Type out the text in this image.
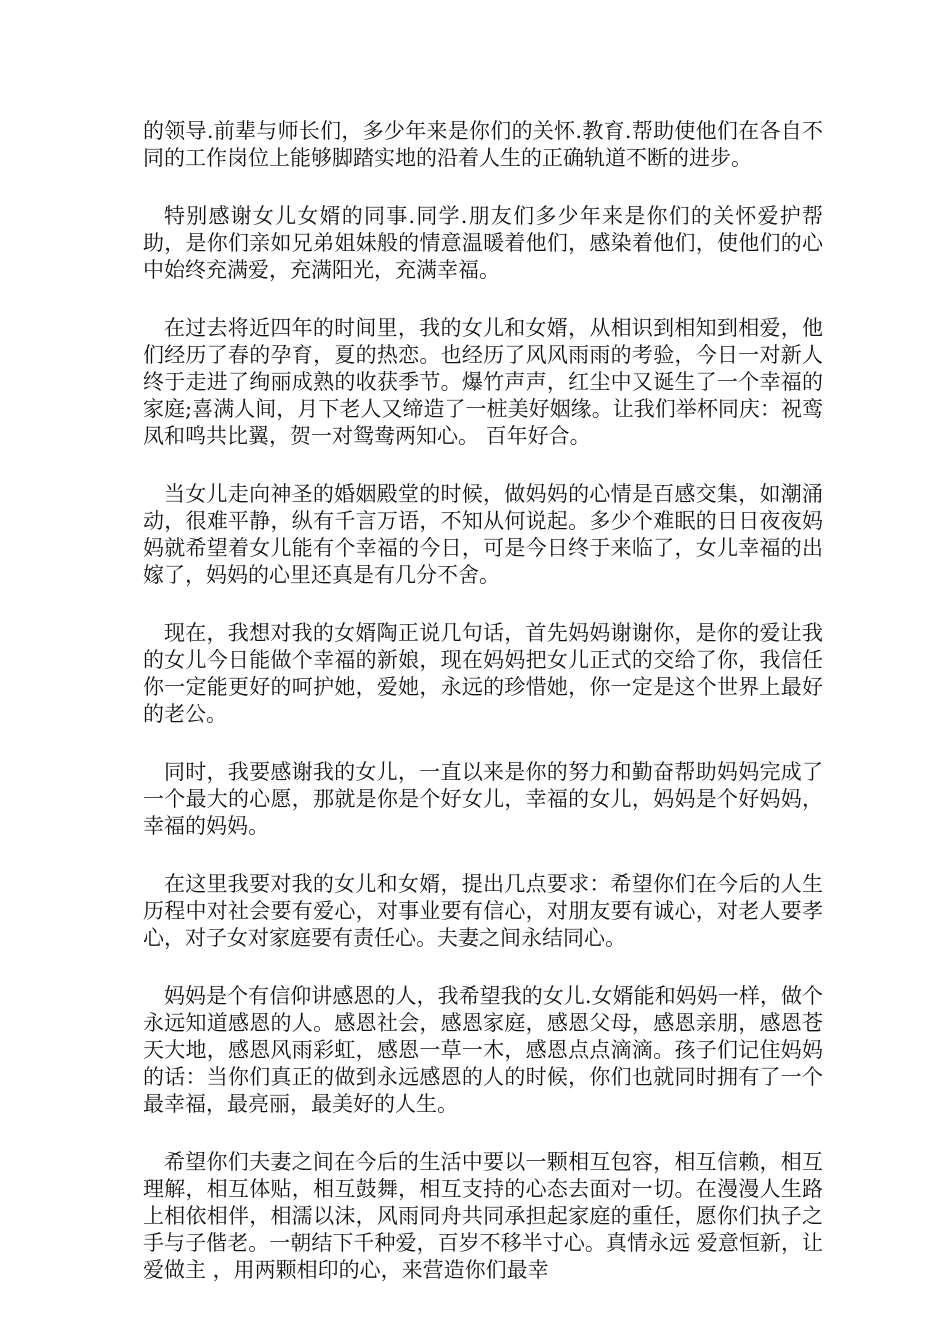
的领导.前辈与师长们，多少年来是你们的关怀.教育.帮助使他们在各自不同的工作岗位上能够脚踏实地的沿着人生的正确轨道不断的进步。

特别感谢女儿女婿的同事.同学.朋友们多少年来是你们的关怀爱护帮助，是你们亲如兄弟姐妹般的情意温暖着他们，感染着他们，使他们的心中始终充满爱，充满阳光，充满幸福。

在过去将近四年的时间里，我的女儿和女婿，从相识到相知到相爱，他们经历了春的孕育，夏的热恋。也经历了风风雨雨的考验，今日一对新人终于走进了绚丽成熟的收获季节。爆竹声声，红尘中又诞生了一个幸福的家庭;喜满人间，月下老人又缔造了一桩美好姻缘。让我们举杯同庆：祝鸾凤和鸣共比翼，贺一对鸳鸯两知心。 百年好合。

当女儿走向神圣的婚姻殿堂的时候，做妈妈的心情是百感交集，如潮涌动，很难平静，纵有千言万语，不知从何说起。多少个难眠的日日夜夜妈妈就希望着女儿能有个幸福的今日，可是今日终于来临了，女儿幸福的出嫁了，妈妈的心里还真是有几分不舍。

现在，我想对我的女婿陶正说几句话，首先妈妈谢谢你，是你的爱让我的女儿今日能做个幸福的新娘，现在妈妈把女儿正式的交给了你，我信任你一定能更好的呵护她，爱她，永远的珍惜她，你一定是这个世界上最好的老公。

同时，我要感谢我的女儿，一直以来是你的努力和勤奋帮助妈妈完成了一个最大的心愿，那就是你是个好女儿，幸福的女儿，妈妈是个好妈妈，幸福的妈妈。

在这里我要对我的女儿和女婿，提出几点要求：希望你们在今后的人生历程中对社会要有爱心，对事业要有信心，对朋友要有诚心，对老人要孝心，对子女对家庭要有责任心。夫妻之间永结同心。

妈妈是个有信仰讲感恩的人，我希望我的女儿.女婿能和妈妈一样，做个永远知道感恩的人。感恩社会，感恩家庭，感恩父母，感恩亲朋，感恩苍天大地，感恩风雨彩虹，感恩一草一木，感恩点点滴滴。孩子们记住妈妈的话：当你们真正的做到永远感恩的人的时候，你们也就同时拥有了一个最幸福，最亮丽，最美好的人生。

希望你们夫妻之间在今后的生活中要以一颗相互包容，相互信赖，相互理解，相互体贴，相互鼓舞，相互支持的心态去面对一切。在漫漫人生路上相依相伴，相濡以沫，风雨同舟共同承担起家庭的重任，愿你们执子之手与子偕老。一朝结下千种爱，百岁不移半寸心。真情永远 爱意恒新，让爱做主 ，用两颗相印的心，来营造你们最幸
